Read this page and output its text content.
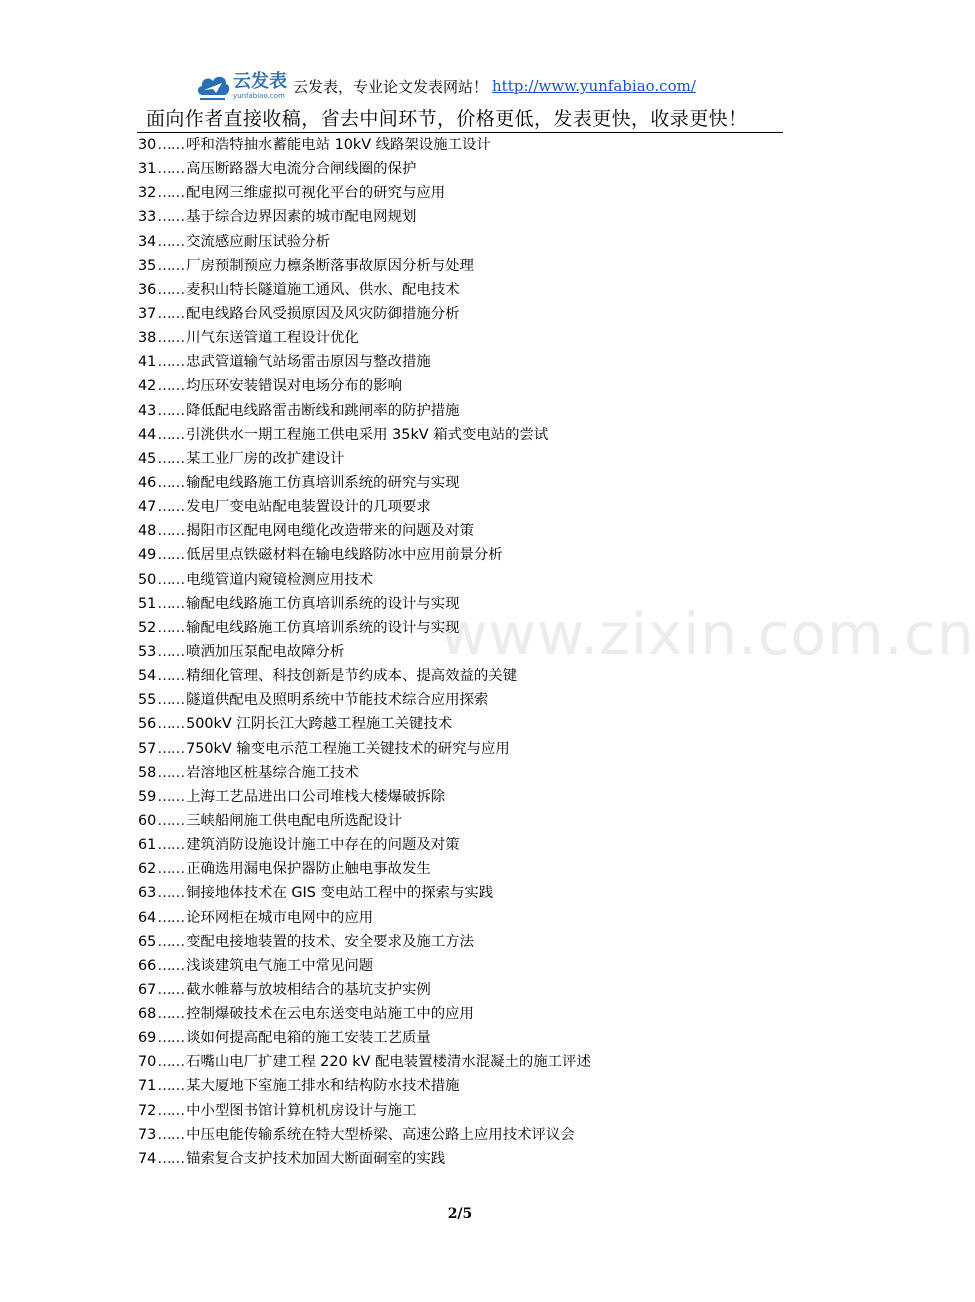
云发表
yunfabiao.com
云发表，专业论文发表网站！ http://www.yunfabiao.com/
面向作者直接收稿，省去中间环节，价格更低，发表更快，收录更快！
www.zixin.com.cn
30…… 呼和浩特抽水蓄能电站 10kV 线路架设施工设计
31…… 高压断路器大电流分合闸线圈的保护
32…… 配电网三维虚拟可视化平台的研究与应用
33…… 基于综合边界因素的城市配电网规划
34…… 交流感应耐压试验分析
35…… 厂房预制预应力檩条断落事故原因分析与处理
36…… 麦积山特长隧道施工通风、供水、配电技术
37…… 配电线路台风受损原因及风灾防御措施分析
38…… 川气东送管道工程设计优化
41…… 忠武管道输气站场雷击原因与整改措施
42…… 均压环安装错误对电场分布的影响
43…… 降低配电线路雷击断线和跳闸率的防护措施
44…… 引洮供水一期工程施工供电采用 35kV 箱式变电站的尝试
45…… 某工业厂房的改扩建设计
46…… 输配电线路施工仿真培训系统的研究与实现
47…… 发电厂变电站配电装置设计的几项要求
48…… 揭阳市区配电网电缆化改造带来的问题及对策
49…… 低居里点铁磁材料在输电线路防冰中应用前景分析
50…… 电缆管道内窥镜检测应用技术
51…… 输配电线路施工仿真培训系统的设计与实现
52…… 输配电线路施工仿真培训系统的设计与实现
53…… 喷洒加压泵配电故障分析
54…… 精细化管理、科技创新是节约成本、提高效益的关键
55…… 隧道供配电及照明系统中节能技术综合应用探索
56…… 500kV 江阴长江大跨越工程施工关键技术
57…… 750kV 输变电示范工程施工关键技术的研究与应用
58…… 岩溶地区桩基综合施工技术
59…… 上海工艺品进出口公司堆栈大楼爆破拆除
60…… 三峡船闸施工供电配电所选配设计
61…… 建筑消防设施设计施工中存在的问题及对策
62…… 正确选用漏电保护器防止触电事故发生
63…… 铜接地体技术在 GIS 变电站工程中的探索与实践
64…… 论环网柜在城市电网中的应用
65…… 变配电接地装置的技术、安全要求及施工方法
66…… 浅谈建筑电气施工中常见问题
67…… 截水帷幕与放坡相结合的基坑支护实例
68…… 控制爆破技术在云电东送变电站施工中的应用
69…… 谈如何提高配电箱的施工安装工艺质量
70…… 石嘴山电厂扩建工程 220 kV 配电装置楼清水混凝土的施工评述
71…… 某大厦地下室施工排水和结构防水技术措施
72…… 中小型图书馆计算机机房设计与施工
73…… 中压电能传输系统在特大型桥梁、高速公路上应用技术评议会
74…… 锚索复合支护技术加固大断面硐室的实践
2/5
